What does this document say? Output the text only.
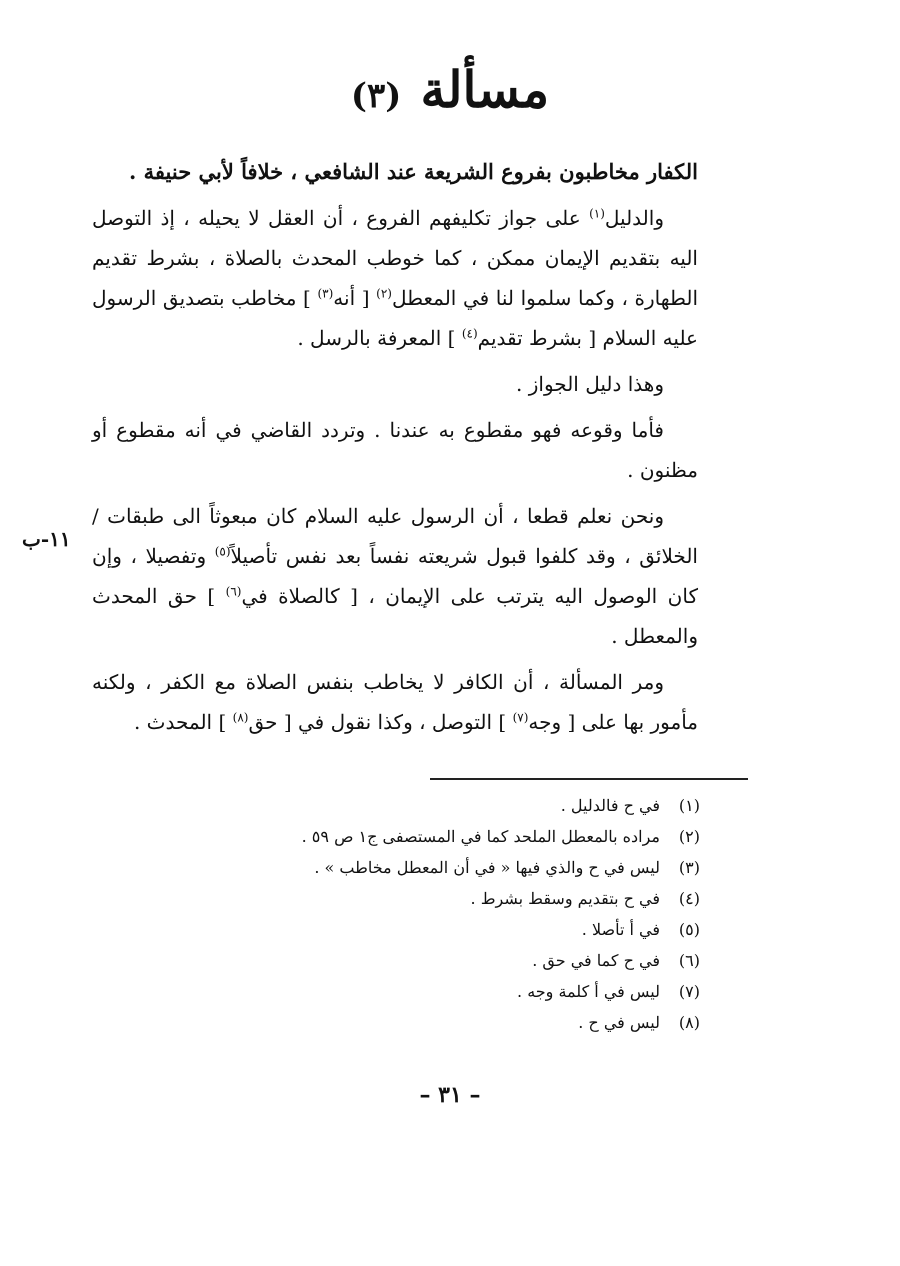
مسألة (٣)

الكفار مخاطبون بفروع الشريعة عند الشافعي ، خلافاً لأبي حنيفة .

والدليل$^{(١)}$ على جواز تكليفهم الفروع ، أن العقل لا يحيله ، إذ التوصل اليه بتقديم الإيمان ممكن ، كما خوطب المحدث بالصلاة ، بشرط تقديم الطهارة ، وكما سلموا لنا في المعطل$^{(٢)}$ [ أنه$^{(٣)}$ ] مخاطب بتصديق الرسول عليه السلام [ بشرط تقديم$^{(٤)}$ ] المعرفة بالرسل .

وهذا دليل الجواز .

فأما وقوعه فهو مقطوع به عندنا . وتردد القاضي في أنه مقطوع أو مظنون .

ونحن نعلم قطعا ، أن الرسول عليه السلام كان مبعوثاً الى طبقات / الخلائق ، وقد كلفوا قبول شريعته نفساً بعد نفس تأصيلاً$^{(٥)}$ وتفصيلا ، وإن كان الوصول اليه يترتب على الإيمان ، [ كالصلاة في$^{(٦)}$ ] حق المحدث والمعطل .

ومر المسألة ، أن الكافر لا يخاطب بنفس الصلاة مع الكفر ، ولكنه مأمور بها على [ وجه$^{(٧)}$ ] التوصل ، وكذا نقول في [ حق$^{(٨)}$ ] المحدث .

١١-ب
(١)
في ح فالدليل .
(٢)
مراده بالمعطل الملحد كما في المستصفى ج١ ص ٥٩ .
(٣)
ليس في ح والذي فيها « في أن المعطل مخاطب » .
(٤)
في ح بتقديم وسقط بشرط .
(٥)
في أ تأصلا .
(٦)
في ح كما في حق .
(٧)
ليس في أ كلمة وجه .
(٨)
ليس في ح .
– ٣١ –
